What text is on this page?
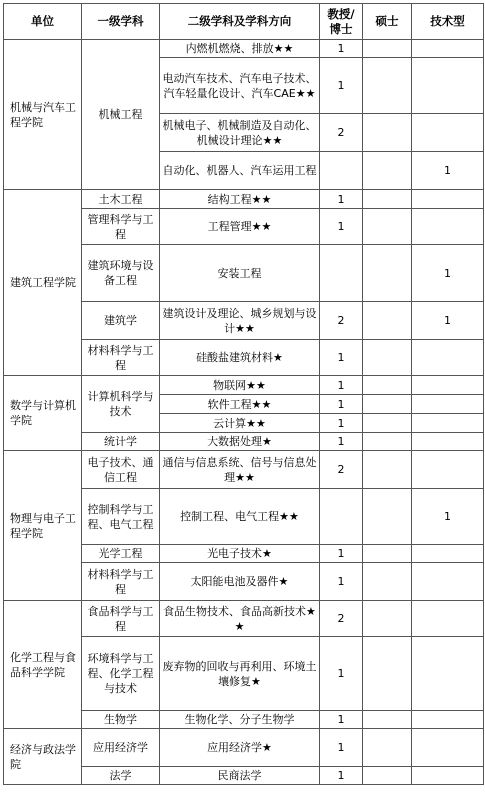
单位	一级学科	二级学科及学科方向	教授/博士	硕士	技术型
机械与汽车工程学院	机械工程	内燃机燃烧、排放★★	1		
		电动汽车技术、汽车电子技术、汽车轻量化设计、汽车CAE★★	1		
		机械电子、机械制造及自动化、机械设计理论★★	2		
		自动化、机器人、汽车运用工程			1
建筑工程学院	土木工程	结构工程★★	1		
	管理科学与工程	工程管理★★	1		
	建筑环境与设备工程	安装工程			1
	建筑学	建筑设计及理论、城乡规划与设计★★	2		1
	材料科学与工程	硅酸盐建筑材料★	1		
数学与计算机学院	计算机科学与技术	物联网★★	1		
		软件工程★★	1		
		云计算★★	1		
	统计学	大数据处理★	1		
物理与电子工程学院	电子技术、通信工程	通信与信息系统、信号与信息处理★★	2		
	控制科学与工程、电气工程	控制工程、电气工程★★			1
	光学工程	光电子技术★	1		
	材料科学与工程	太阳能电池及器件★	1		
化学工程与食品科学学院	食品科学与工程	食品生物技术、食品高新技术★★	2		
	环境科学与工程、化学工程与技术	废弃物的回收与再利用、环境土壤修复★	1		
	生物学	生物化学、分子生物学	1		
经济与政法学院	应用经济学	应用经济学★	1		
	法学	民商法学	1		
